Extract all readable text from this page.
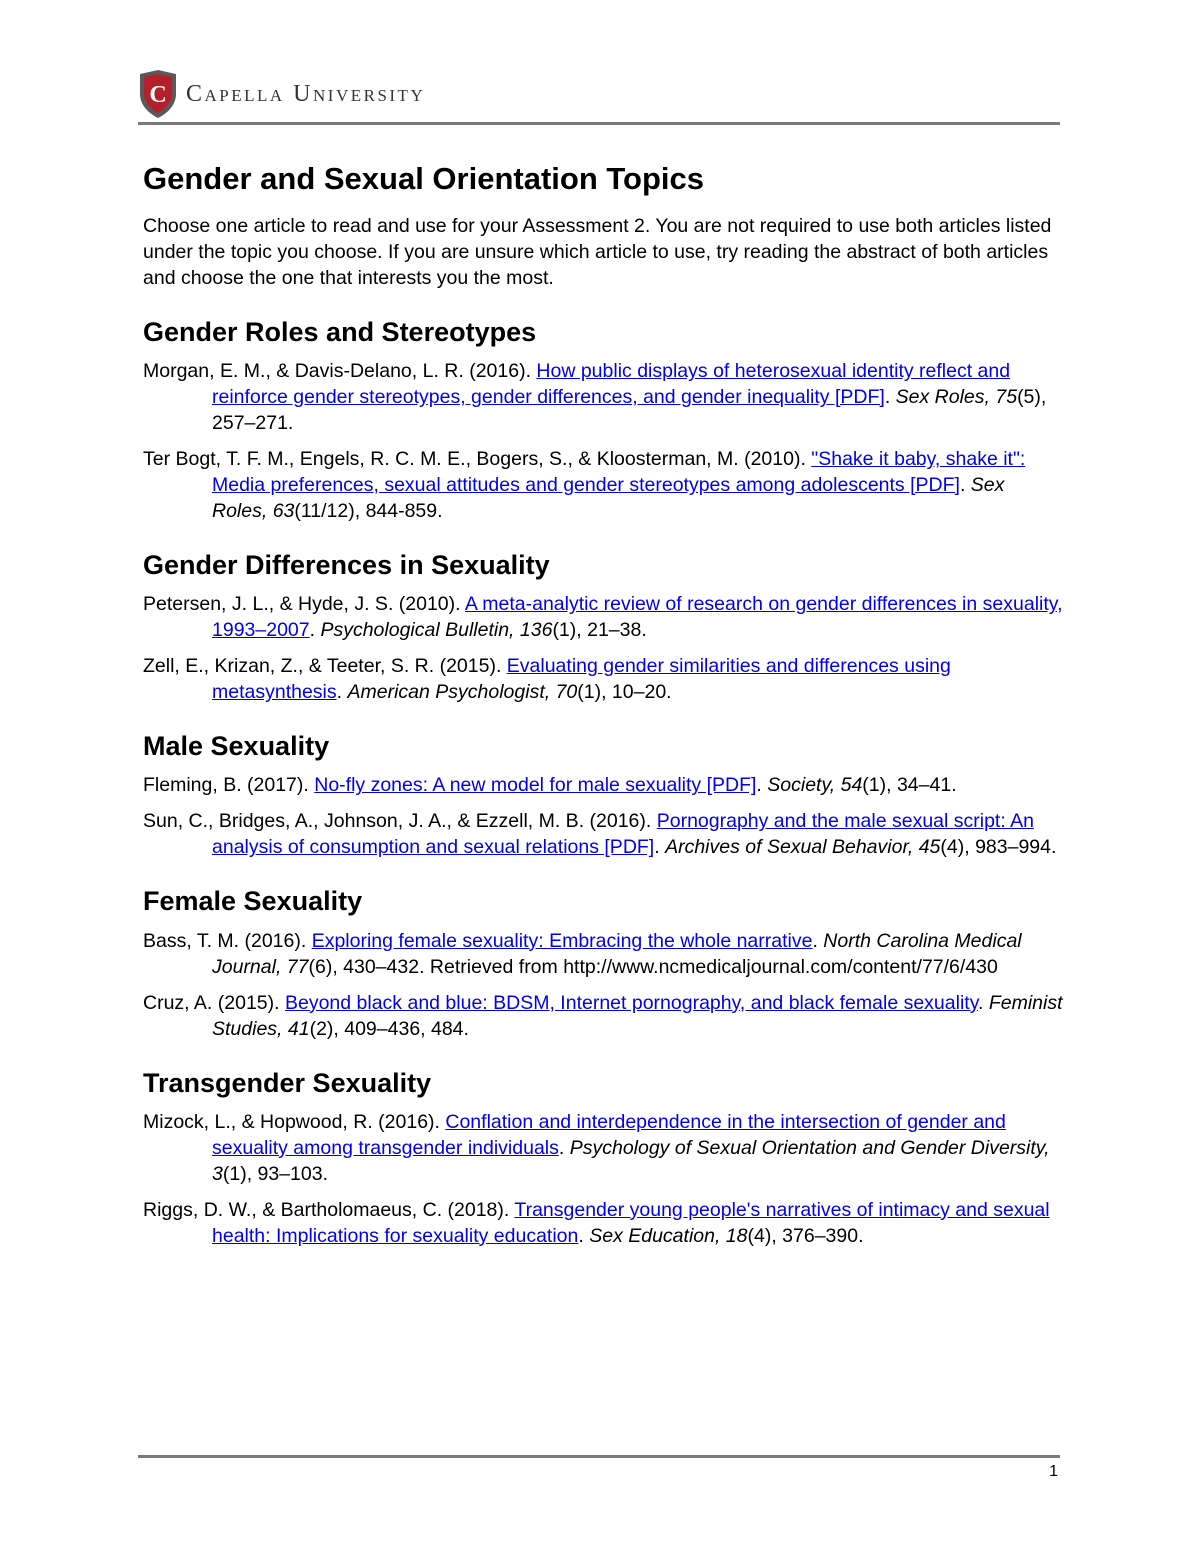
C Capella University
Gender and Sexual Orientation Topics

Choose one article to read and use for your Assessment 2. You are not required to use both articles listed under the topic you choose. If you are unsure which article to use, try reading the abstract of both articles and choose the one that interests you the most.

Gender Roles and Stereotypes

Morgan, E. M., & Davis-Delano, L. R. (2016). How public displays of heterosexual identity reflect and reinforce gender stereotypes, gender differences, and gender inequality [PDF]. Sex Roles, 75(5), 257–271.

Ter Bogt, T. F. M., Engels, R. C. M. E., Bogers, S., & Kloosterman, M. (2010). "Shake it baby, shake it": Media preferences, sexual attitudes and gender stereotypes among adolescents [PDF]. Sex Roles, 63(11/12), 844-859.

Gender Differences in Sexuality

Petersen, J. L., & Hyde, J. S. (2010). A meta-analytic review of research on gender differences in sexuality, 1993–2007. Psychological Bulletin, 136(1), 21–38.

Zell, E., Krizan, Z., & Teeter, S. R. (2015). Evaluating gender similarities and differences using metasynthesis. American Psychologist, 70(1), 10–20.

Male Sexuality

Fleming, B. (2017). No-fly zones: A new model for male sexuality [PDF]. Society, 54(1), 34–41.

Sun, C., Bridges, A., Johnson, J. A., & Ezzell, M. B. (2016). Pornography and the male sexual script: An analysis of consumption and sexual relations [PDF]. Archives of Sexual Behavior, 45(4), 983–994.

Female Sexuality

Bass, T. M. (2016). Exploring female sexuality: Embracing the whole narrative. North Carolina Medical Journal, 77(6), 430–432. Retrieved from http://www.ncmedicaljournal.com/content/77/6/430

Cruz, A. (2015). Beyond black and blue: BDSM, Internet pornography, and black female sexuality. Feminist Studies, 41(2), 409–436, 484.

Transgender Sexuality

Mizock, L., & Hopwood, R. (2016). Conflation and interdependence in the intersection of gender and sexuality among transgender individuals. Psychology of Sexual Orientation and Gender Diversity, 3(1), 93–103.

Riggs, D. W., & Bartholomaeus, C. (2018). Transgender young people's narratives of intimacy and sexual health: Implications for sexuality education. Sex Education, 18(4), 376–390.

1
